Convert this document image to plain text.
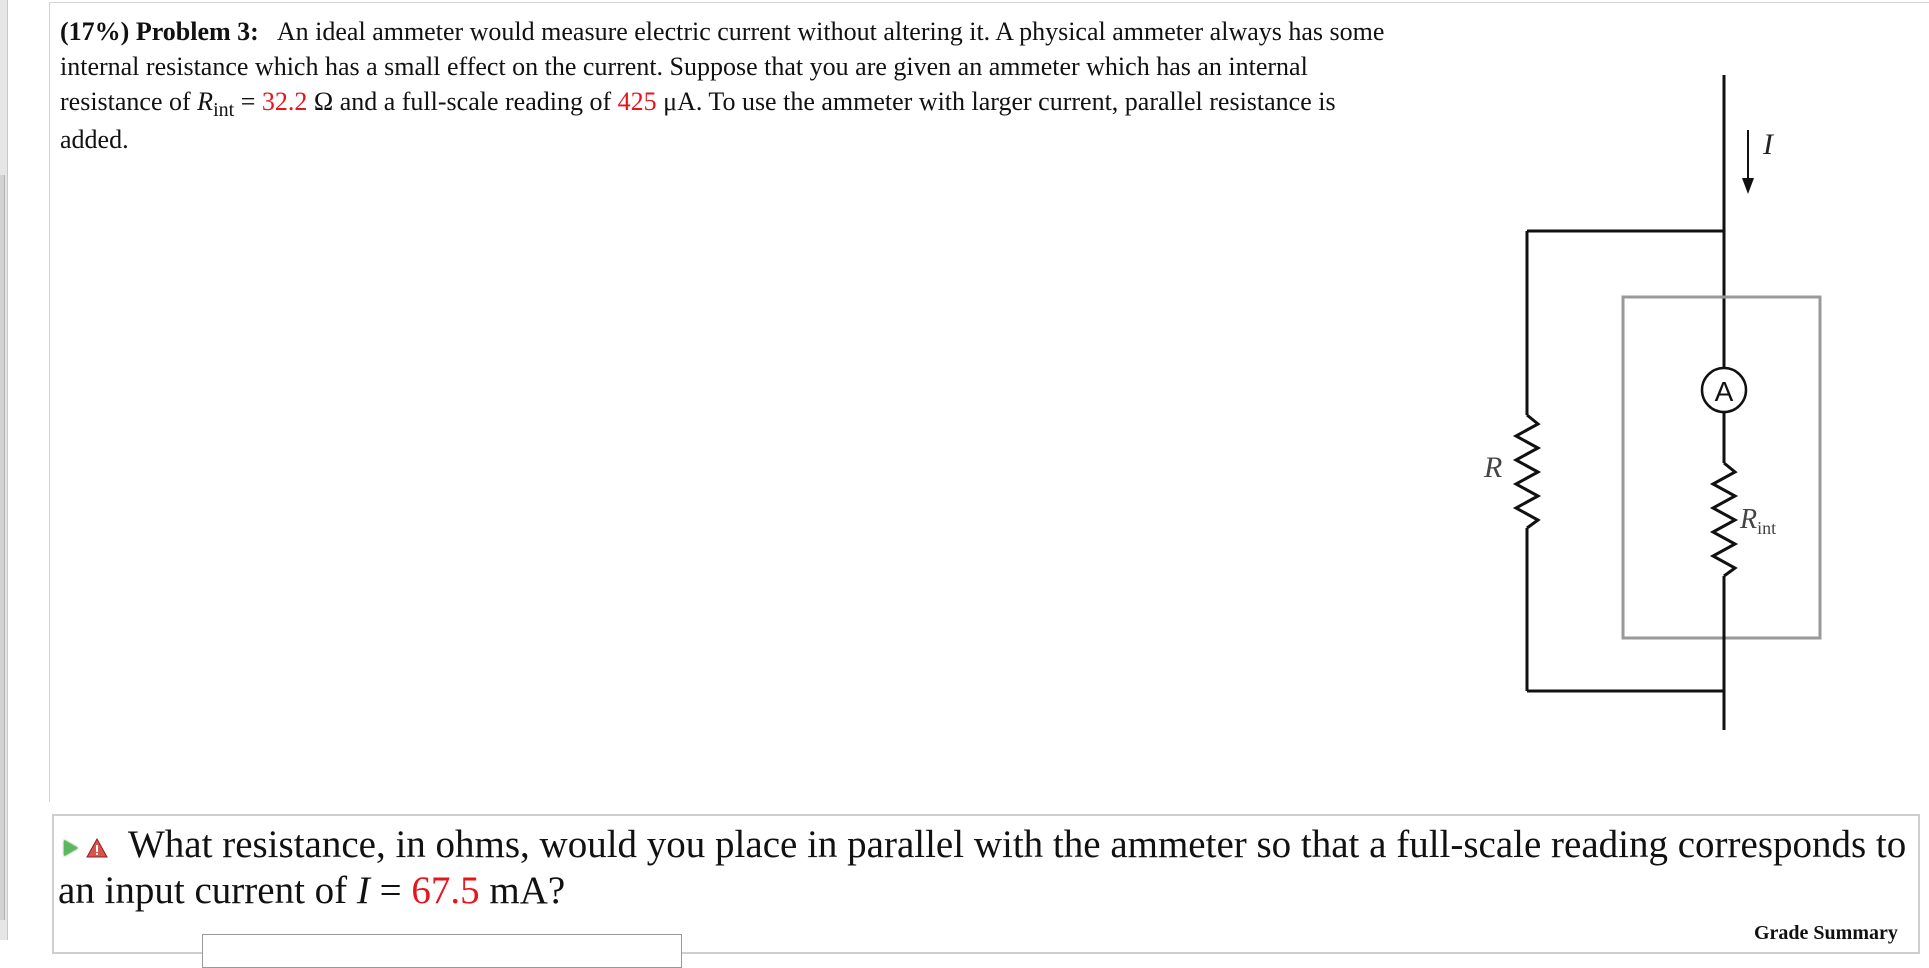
(17%) Problem 3: An ideal ammeter would measure electric current without altering it. A physical ammeter always has some internal resistance which has a small effect on the current. Suppose that you are given an ammeter which has an internal resistance of $R_{int} = 32.2$ Ω and a full-scale reading of 425 μA. To use the ammeter with larger current, parallel resistance is added.	I
R
A
$R_{int}$
What resistance, in ohms, would you place in parallel with the ammeter so that a full-scale reading corresponds to an input current of I = 67.5 mA?
Grade Summary
